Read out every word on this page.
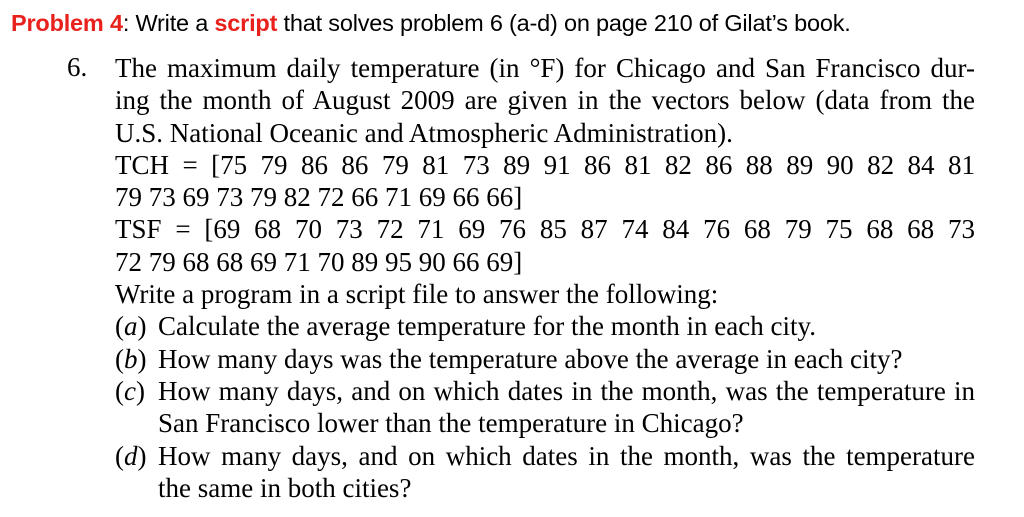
Problem 4: Write a script that solves problem 6 (a-d) on page 210 of Gilat’s book.
6. The maximum daily temperature (in °F) for Chicago and San Francisco dur-
ing the month of August 2009 are given in the vectors below (data from the
U.S. National Oceanic and Atmospheric Administration).
TCH = [75 79 86 86 79 81 73 89 91 86 81 82 86 88 89 90 82 84 81
79 73 69 73 79 82 72 66 71 69 66 66]
TSF = [69 68 70 73 72 71 69 76 85 87 74 84 76 68 79 75 68 68 73
72 79 68 68 69 71 70 89 95 90 66 69]
Write a program in a script file to answer the following:
(a) Calculate the average temperature for the month in each city.
(b) How many days was the temperature above the average in each city?
(c) How many days, and on which dates in the month, was the temperature in
San Francisco lower than the temperature in Chicago?
(d) How many days, and on which dates in the month, was the temperature
the same in both cities?
